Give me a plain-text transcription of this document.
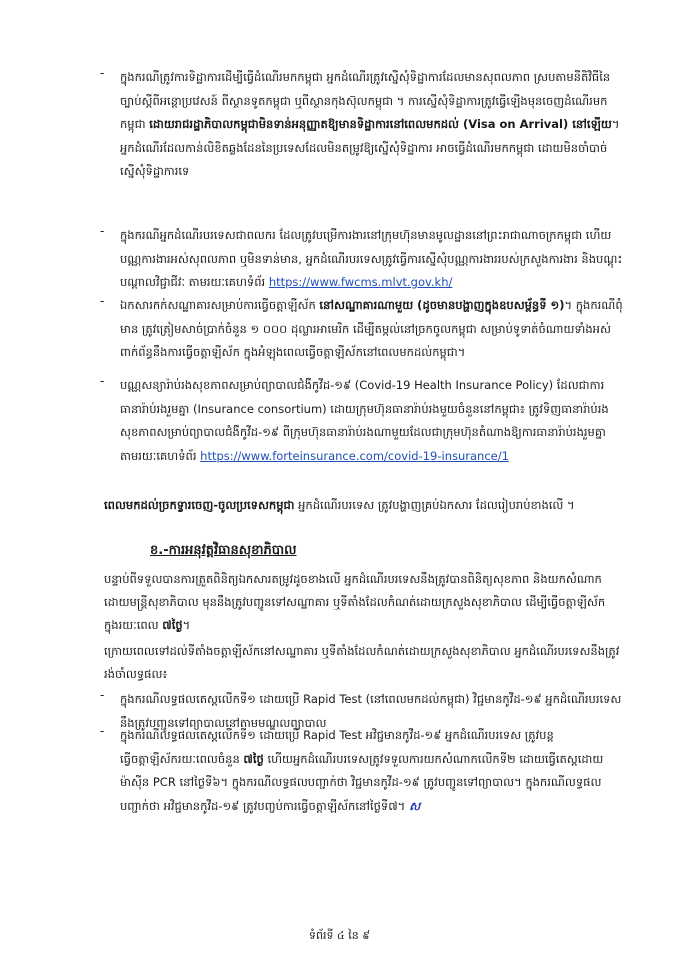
- ក្នុងករណីត្រូវការទិដ្ឋាការដើម្បីធ្វើដំណើរមកកម្ពុជា អ្នកដំណើរត្រូវស្នើសុំទិដ្ឋាការដែលមានសុពលភាព ស្របតាមនីតិវិធីនៃច្បាប់ស្ដីពីអន្តោប្រវេសន៍ ពីស្ថានទូតកម្ពុជា ឬពីស្ថានកុងស៊ុលកម្ពុជា ។ ការស្នើសុំទិដ្ឋាការត្រូវធ្វើឡើងមុនចេញដំណើរមកកម្ពុជា ដោយរាជរដ្ឋាភិបាលកម្ពុជាមិនទាន់អនុញ្ញាតឱ្យមានទិដ្ឋាការនៅពេលមកដល់ (Visa on Arrival) នៅឡើយ។ អ្នកដំណើរដែលកាន់លិខិតឆ្លងដែននៃប្រទេសដែលមិនតម្រូវឱ្យស្នើសុំទិដ្ឋាការ អាចធ្វើដំណើរមកកម្ពុជា ដោយមិនចាំបាច់ស្នើសុំទិដ្ឋាការទេ
- ក្នុងករណីអ្នកដំណើរបរទេសជាពលករ ដែលត្រូវបម្រើការងារនៅក្រុមហ៊ុនមានមូលដ្ឋាននៅព្រះរាជាណាចក្រកម្ពុជា ហើយបណ្ណការងារអស់សុពលភាព ឬមិនទាន់មាន, អ្នកដំណើរបរទេសត្រូវធ្វើការស្នើសុំបណ្ណការងាររបស់ក្រសួងការងារ និងបណ្តុះបណ្តាលវិជ្ជាជីវៈ តាមរយៈគេហទំព័រ https://www.fwcms.mlvt.gov.kh/
- ឯកសារកក់សណ្ឋាគារសម្រាប់ការធ្វើចត្តាឡីស័ក នៅសណ្ឋាគារណាមួយ (ដូចមានបង្ហាញក្នុងឧបសម្ព័ន្ធទី ១)។ ក្នុងករណីពុំមាន ត្រូវត្រៀមសាច់ប្រាក់ចំនួន ១ ០០០ ដុល្លារអាមេរិក ដើម្បីតម្កល់នៅច្រកចូលកម្ពុជា សម្រាប់ទូទាត់ចំណាយទាំងអស់ពាក់ព័ន្ធនឹងការធ្វើចត្តាឡីស័ក ក្នុងអំឡុងពេលធ្វើចត្តាឡីស័កនៅពេលមកដល់កម្ពុជា។
- បណ្ណសន្យារ៉ាប់រងសុខភាពសម្រាប់ព្យាបាលជំងឺកូវីដ-១៩ (Covid-19 Health Insurance Policy) ដែលជាការធានារ៉ាប់រងរួមគ្នា (Insurance consortium) ដោយក្រុមហ៊ុនធានារ៉ាប់រងមួយចំនួននៅកម្ពុជា៖ ត្រូវទិញធានារ៉ាប់រងសុខភាពសម្រាប់ព្យាបាលជំងឺកូវីដ-១៩ ពីក្រុមហ៊ុនធានារ៉ាប់រងណាមួយដែលជាក្រុមហ៊ុនតំណាងឱ្យការធានារ៉ាប់រងរួមគ្នា តាមរយៈគេហទំព័រ https://www.forteinsurance.com/covid-19-insurance/1
ពេលមកដល់ច្រកទ្វារចេញ-ចូលប្រទេសកម្ពុជា អ្នកដំណើរបរទេស ត្រូវបង្ហាញគ្រប់ឯកសារ ដែលរៀបរាប់ខាងលើ ។
ខ.-ការអនុវត្តវិធានសុខាភិបាល
បន្ទាប់ពីទទួលបានការត្រួតពិនិត្យឯកសារតម្រូវដូចខាងលើ អ្នកដំណើរបរទេសនឹងត្រូវបានពិនិត្យសុខភាព និងយកសំណាកដោយមន្ត្រីសុខាភិបាល មុននឹងត្រូវបញ្ជូនទៅសណ្ឋាគារ ឬទីតាំងដែលកំណត់ដោយក្រសួងសុខាភិបាល ដើម្បីធ្វើចត្តាឡីស័ក ក្នុងរយៈពេល ៧ថ្ងៃ។
ក្រោយពេលទៅដល់ទីតាំងចត្តាឡីស័កនៅសណ្ឋាគារ ឬទីតាំងដែលកំណត់ដោយក្រសួងសុខាភិបាល អ្នកដំណើរបរទេសនឹងត្រូវរង់ចាំលទ្ធផល៖
- ក្នុងករណីលទ្ធផលតេស្តលើកទី១ ដោយប្រើ Rapid Test (នៅពេលមកដល់កម្ពុជា) វិជ្ជមានកូវីដ-១៩ អ្នកដំណើរបរទេសនឹងត្រូវបញ្ជូនទៅព្យាបាលនៅតាមមណ្ឌលព្យាបាល
- ក្នុងករណីលទ្ធផលតេស្តលើកទី១ ដោយប្រើ Rapid Test អវិជ្ជមានកូវីដ-១៩ អ្នកដំណើរបរទេស ត្រូវបន្តធ្វើចត្តាឡីស័ករយៈពេលចំនួន ៧ថ្ងៃ ហើយអ្នកដំណើរបរទេសត្រូវទទួលការយកសំណាកលើកទី២ ដោយធ្វើតេស្តដោយម៉ាស៊ីន PCR នៅថ្ងៃទី៦។ ក្នុងករណីលទ្ធផលបញ្ជាក់ថា វិជ្ជមានកូវីដ-១៩ ត្រូវបញ្ជូនទៅព្យាបាល។ ក្នុងករណីលទ្ធផលបញ្ជាក់ថា អវិជ្ជមានកូវីដ-១៩ ត្រូវបញ្ចប់ការធ្វើចត្តាឡីស័កនៅថ្ងៃទី៧។ ស
ទំព័រទី ៤ នៃ ៩
